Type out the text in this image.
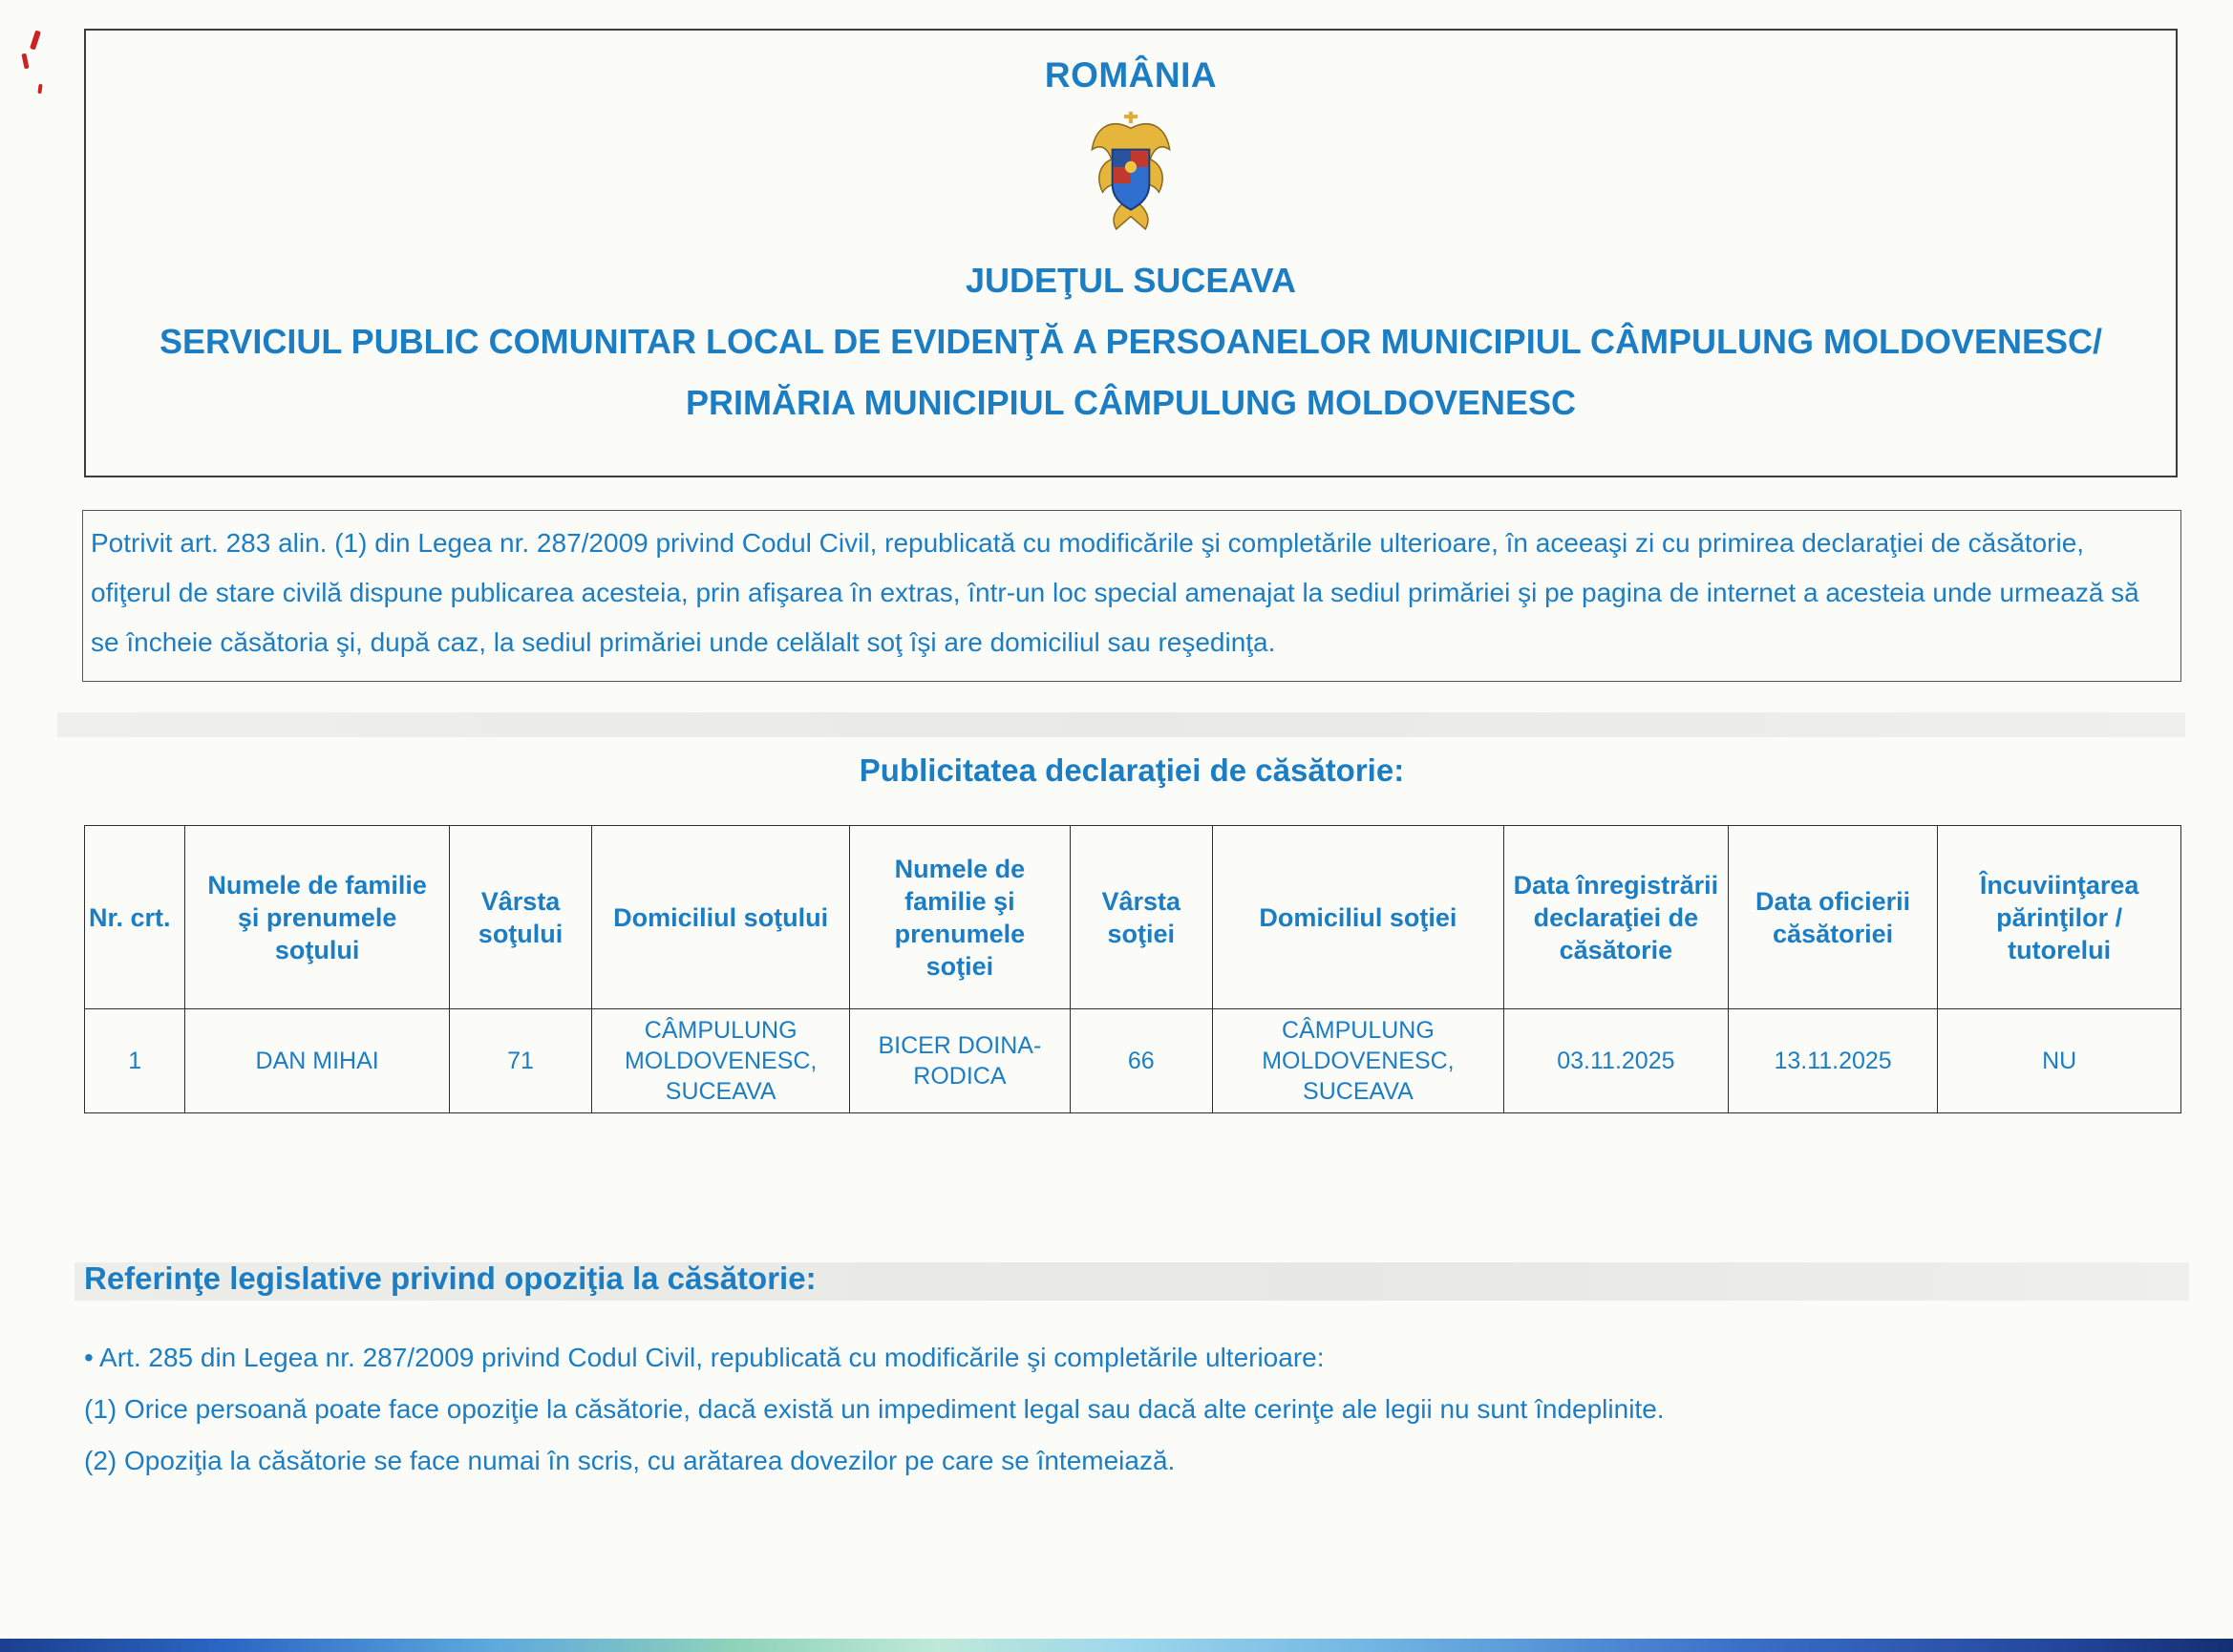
ROMÂNIA
JUDEŢUL SUCEAVA
SERVICIUL PUBLIC COMUNITAR LOCAL DE EVIDENŢĂ A PERSOANELOR MUNICIPIUL CÂMPULUNG MOLDOVENESC/
PRIMĂRIA MUNICIPIUL CÂMPULUNG MOLDOVENESC

Potrivit art. 283 alin. (1) din Legea nr. 287/2009 privind Codul Civil, republicată cu modificările şi completările ulterioare, în aceeaşi zi cu primirea declaraţiei de căsătorie, ofiţerul de stare civilă dispune publicarea acesteia, prin afişarea în extras, într-un loc special amenajat la sediul primăriei şi pe pagina de internet a acesteia unde urmează să se încheie căsătoria şi, după caz, la sediul primăriei unde celălalt soţ îşi are domiciliul sau reşedinţa.

Publicitatea declaraţiei de căsătorie:
Nr. crt.	Numele de familie şi prenumele soţului	Vârsta soţului	Domiciliul soţului	Numele de familie şi prenumele soţiei	Vârsta soţiei	Domiciliul soţiei	Data înregistrării declaraţiei de căsătorie	Data oficierii căsătoriei	Încuviinţarea părinţilor / tutorelui
1	DAN MIHAI	71	CÂMPULUNG MOLDOVENESC, SUCEAVA	BICER DOINA-RODICA	66	CÂMPULUNG MOLDOVENESC, SUCEAVA	03.11.2025	13.11.2025	NU
Referinţe legislative privind opoziţia la căsătorie:

• Art. 285 din Legea nr. 287/2009 privind Codul Civil, republicată cu modificările şi completările ulterioare:

(1) Orice persoană poate face opoziţie la căsătorie, dacă există un impediment legal sau dacă alte cerinţe ale legii nu sunt îndeplinite.

(2) Opoziţia la căsătorie se face numai în scris, cu arătarea dovezilor pe care se întemeiază.
